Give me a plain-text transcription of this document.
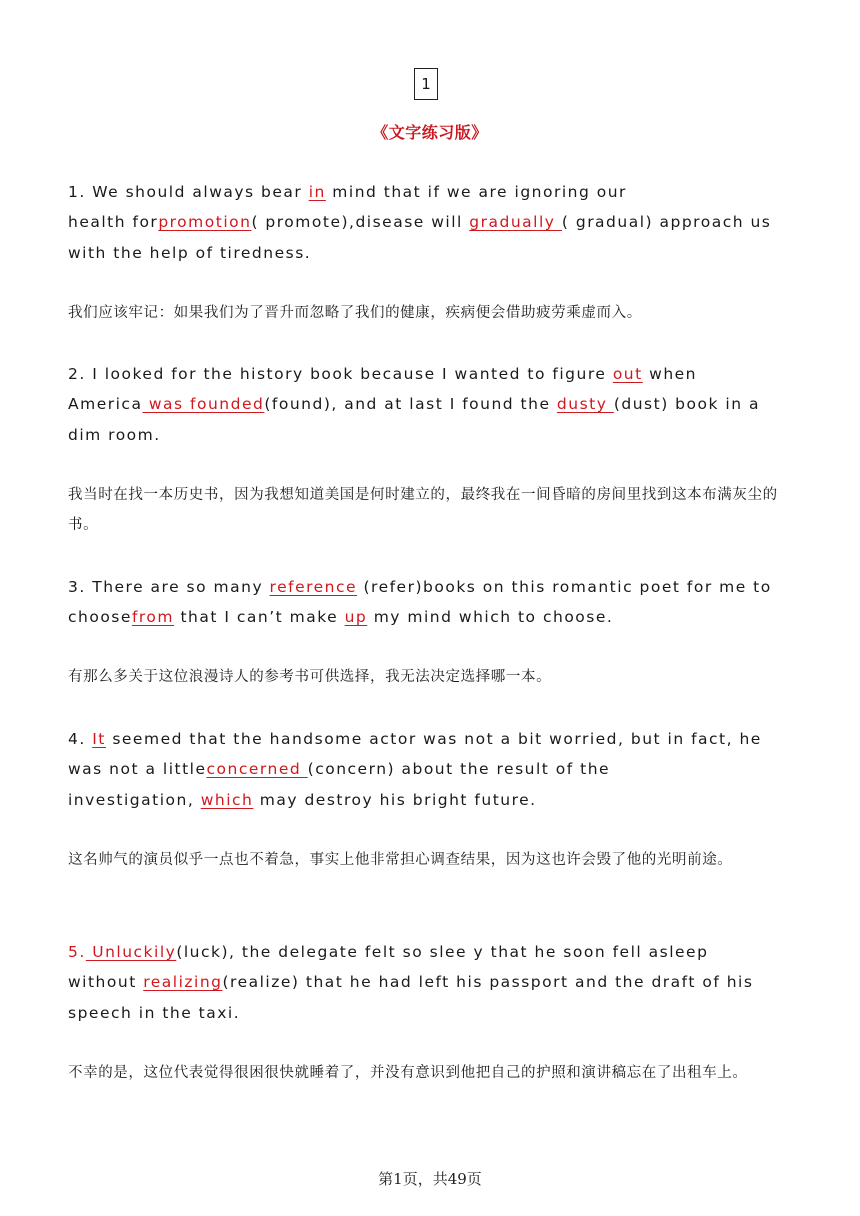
1
《文字练习版》

1. We should always bear in mind that if we are ignoring our
health forpromotion( promote),disease will gradually ( gradual) approach us
with the help of tiredness.

我们应该牢记：如果我们为了晋升而忽略了我们的健康，疾病便会借助疲劳乘虚而入。

2. I looked for the history book because I wanted to figure out when
America was founded(found), and at last I found the dusty (dust) book in a
dim room.

我当时在找一本历史书，因为我想知道美国是何时建立的，最终我在一间昏暗的房间里找到这本布满灰尘的书。

3. There are so many reference (refer)books on this romantic poet for me to
choosefrom that I can’t make up my mind which to choose.

有那么多关于这位浪漫诗人的参考书可供选择，我无法决定选择哪一本。

4. It seemed that the handsome actor was not a bit worried, but in fact, he
was not a littleconcerned (concern) about the result of the
investigation, which may destroy his bright future.

这名帅气的演员似乎一点也不着急，事实上他非常担心调查结果，因为这也许会毁了他的光明前途。

5. Unluckily(luck), the delegate felt so slee y that he soon fell asleep
without realizing(realize) that he had left his passport and the draft of his
speech in the taxi.

不幸的是，这位代表觉得很困很快就睡着了，并没有意识到他把自己的护照和演讲稿忘在了出租车上。

第1页，共49页
